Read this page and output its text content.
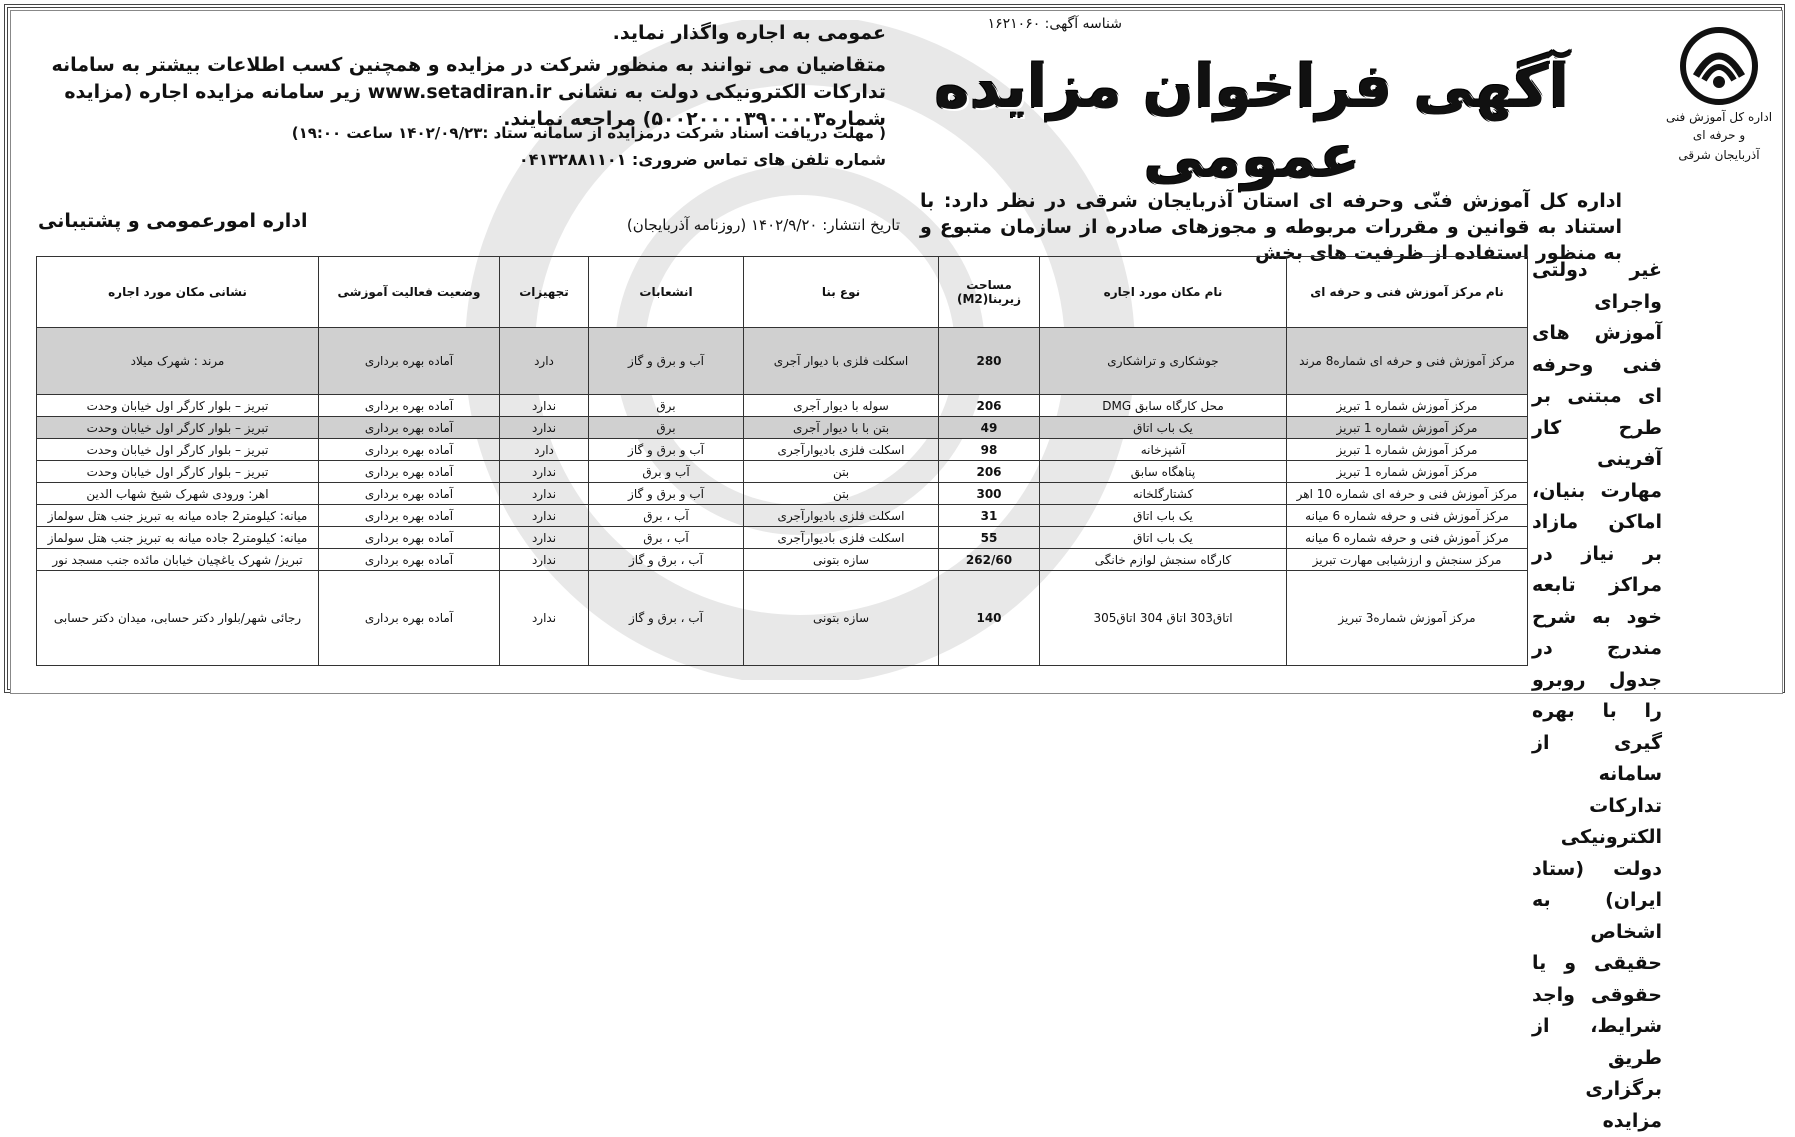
اداره کل آموزش فنی و حرفه ای
آذربایجان شرقی
شناسه آگهی: ۱۶۲۱۰۶۰
آگهی فراخوان مزایده عمومی
اداره کل آموزش فنّی وحرفه ای استان آذربایجان شرقی در نظر دارد: با استناد به قوانین و مقررات مربوطه و مجوزهای صادره از سازمان متبوع و به منظور استفاده از ظرفیت های بخش
غیر دولتی واجرای آموزش های فنی وحرفه ای مبتنی بر طرح کار آفرینی مهارت بنیان، اماکن مازاد بر نیاز در مراکز تابعه خود به شرح مندرج در جدول روبرو را با بهره گیری از سامانه تدارکات الکترونیکی دولت (ستاد ایران) به اشخاص حقیقی و یا حقوقی واجد شرایط، از طریق برگزاری مزایده
عمومی به اجاره واگذار نماید.
متقاضیان می توانند به منظور شرکت در مزایده و همچنین کسب اطلاعات بیشتر به سامانه تدارکات الکترونیکی دولت به نشانی www.setadiran.ir زیر سامانه مزایده اجاره (مزایده شماره۵۰۰۲۰۰۰۰۳۹۰۰۰۰۳) مراجعه نمایند.
( مهلت دریافت اسناد شرکت درمزایده از سامانه ستاد :۱۴۰۲/۰۹/۲۳ ساعت ۱۹:۰۰)
شماره تلفن های تماس ضروری: ۰۴۱۳۲۸۸۱۱۰۱
تاریخ انتشار: ۱۴۰۲/۹/۲۰ (روزنامه آذربایجان)
اداره امورعمومی و پشتیبانی
نام مرکز آموزش فنی و حرفه ای	نام مکان مورد اجاره	مساحت زیربنا(M2)	نوع بنا	انشعابات	تجهیزات	وضعیت فعالیت آموزشی	نشانی مکان مورد اجاره
مرکز آموزش فنی و حرفه ای شماره8 مرند	جوشکاری و تراشکاری	280	اسکلت فلزی با دیوار آجری	آب و برق و گاز	دارد	آماده بهره برداری	مرند : شهرک میلاد
مرکز آموزش شماره 1 تبریز	محل کارگاه سابق DMG	206	سوله با دیوار آجری	برق	ندارد	آماده بهره برداری	تبریز – بلوار کارگر اول خیابان وحدت
مرکز آموزش شماره 1 تبریز	یک باب اتاق	49	بتن با با دیوار آجری	برق	ندارد	آماده بهره برداری	تبریز – بلوار کارگر اول خیابان وحدت
مرکز آموزش شماره 1 تبریز	آشپزخانه	98	اسکلت فلزی بادیوارآجری	آب و برق و گاز	دارد	آماده بهره برداری	تبریز – بلوار کارگر اول خیابان وحدت
مرکز آموزش شماره 1 تبریز	پناهگاه سابق	206	بتن	آب و برق	ندارد	آماده بهره برداری	تبریز – بلوار کارگر اول خیابان وحدت
مرکز آموزش فنی و حرفه ای شماره 10 اهر	کشتارگلخانه	300	بتن	آب و برق و گاز	ندارد	آماده بهره برداری	اهر: ورودی شهرک شیخ شهاب الدین
مرکز آموزش فنی و حرفه شماره 6 میانه	یک باب اتاق	31	اسکلت فلزی بادیوارآجری	آب ، برق	ندارد	آماده بهره برداری	میانه: کیلومتر2 جاده میانه به تبریز جنب هتل سولماز
مرکز آموزش فنی و حرفه شماره 6 میانه	یک باب اتاق	55	اسکلت فلزی بادیوارآجری	آب ، برق	ندارد	آماده بهره برداری	میانه: کیلومتر2 جاده میانه به تبریز جنب هتل سولماز
مرکز سنجش و ارزشیابی مهارت تبریز	کارگاه سنجش لوازم خانگی	262/60	سازه بتونی	آب ، برق و گاز	ندارد	آماده بهره برداری	تبریز/ شهرک یاغچیان خیابان مائده جنب مسجد نور
مرکز آموزش شماره3 تبریز	اتاق303 اتاق 304 اتاق305	140	سازه بتونی	آب ، برق و گاز	ندارد	آماده بهره برداری	رجائی شهر/بلوار دکتر حسابی، میدان دکتر حسابی
